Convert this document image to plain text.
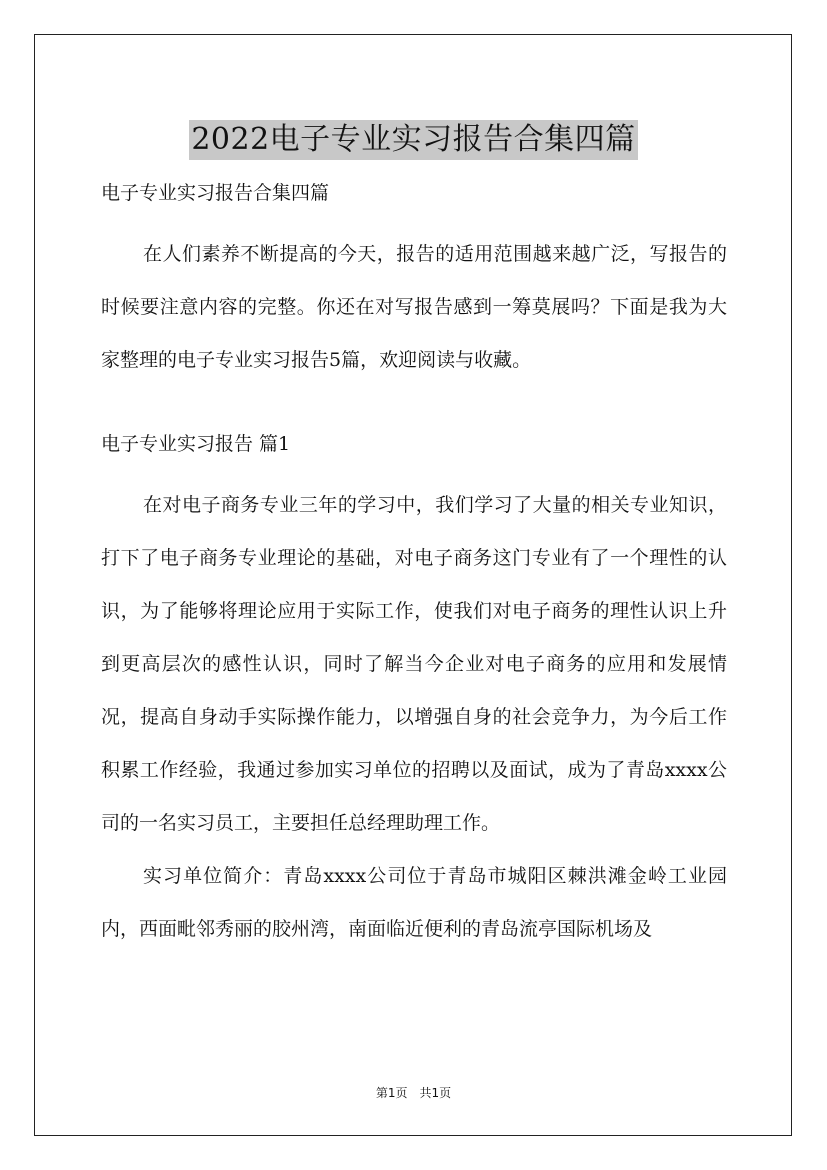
2022电子专业实习报告合集四篇
电子专业实习报告合集四篇

在人们素养不断提高的今天，报告的适用范围越来越广泛，写报告的时候要注意内容的完整。你还在对写报告感到一筹莫展吗？下面是我为大家整理的电子专业实习报告5篇，欢迎阅读与收藏。

电子专业实习报告 篇1

在对电子商务专业三年的学习中，我们学习了大量的相关专业知识，打下了电子商务专业理论的基础，对电子商务这门专业有了一个理性的认识，为了能够将理论应用于实际工作，使我们对电子商务的理性认识上升到更高层次的感性认识，同时了解当今企业对电子商务的应用和发展情况，提高自身动手实际操作能力，以增强自身的社会竞争力，为今后工作积累工作经验，我通过参加实习单位的招聘以及面试，成为了青岛xxxx公司的一名实习员工，主要担任总经理助理工作。

实习单位简介：青岛xxxx公司位于青岛市城阳区棘洪滩金岭工业园内，西面毗邻秀丽的胶州湾，南面临近便利的青岛流亭国际机场及

第1页　共1页
